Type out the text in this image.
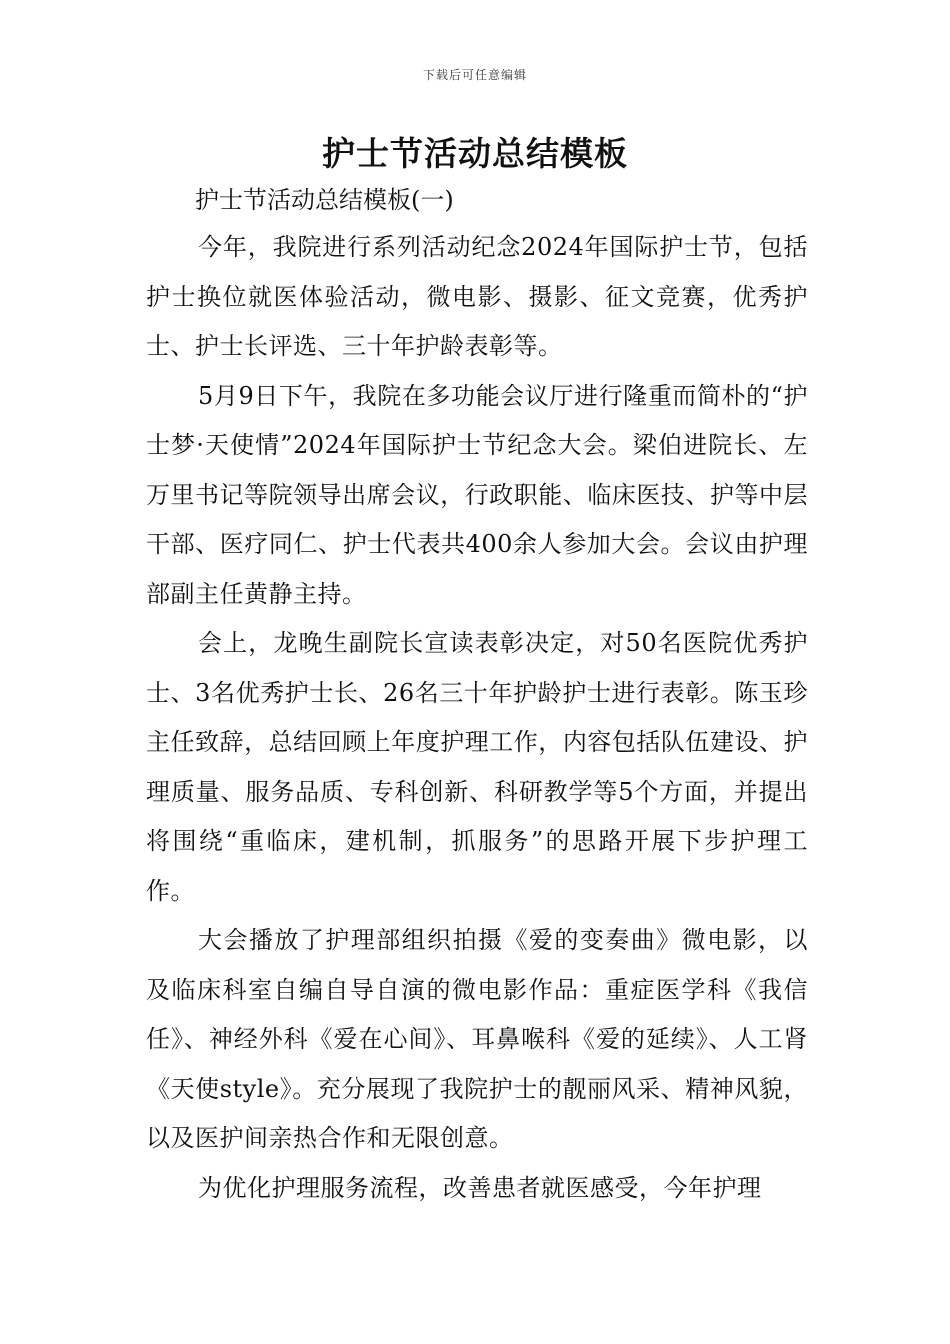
下载后可任意编辑
护士节活动总结模板

护士节活动总结模板(一)

今年，我院进行系列活动纪念2024年国际护士节，包括护士换位就医体验活动，微电影、摄影、征文竞赛，优秀护士、护士长评选、三十年护龄表彰等。

5月9日下午，我院在多功能会议厅进行隆重而简朴的“护士梦·天使情”2024年国际护士节纪念大会。梁伯进院长、左万里书记等院领导出席会议，行政职能、临床医技、护等中层干部、医疗同仁、护士代表共400余人参加大会。会议由护理部副主任黄静主持。

会上，龙晚生副院长宣读表彰决定，对50名医院优秀护士、3名优秀护士长、26名三十年护龄护士进行表彰。陈玉珍主任致辞，总结回顾上年度护理工作，内容包括队伍建设、护理质量、服务品质、专科创新、科研教学等5个方面，并提出将围绕“重临床，建机制，抓服务”的思路开展下步护理工作。

大会播放了护理部组织拍摄《爱的变奏曲》微电影，以及临床科室自编自导自演的微电影作品：重症医学科《我信任》、神经外科《爱在心间》、耳鼻喉科《爱的延续》、人工肾《天使style》。充分展现了我院护士的靓丽风采、精神风貌，以及医护间亲热合作和无限创意。

为优化护理服务流程，改善患者就医感受，今年护理
